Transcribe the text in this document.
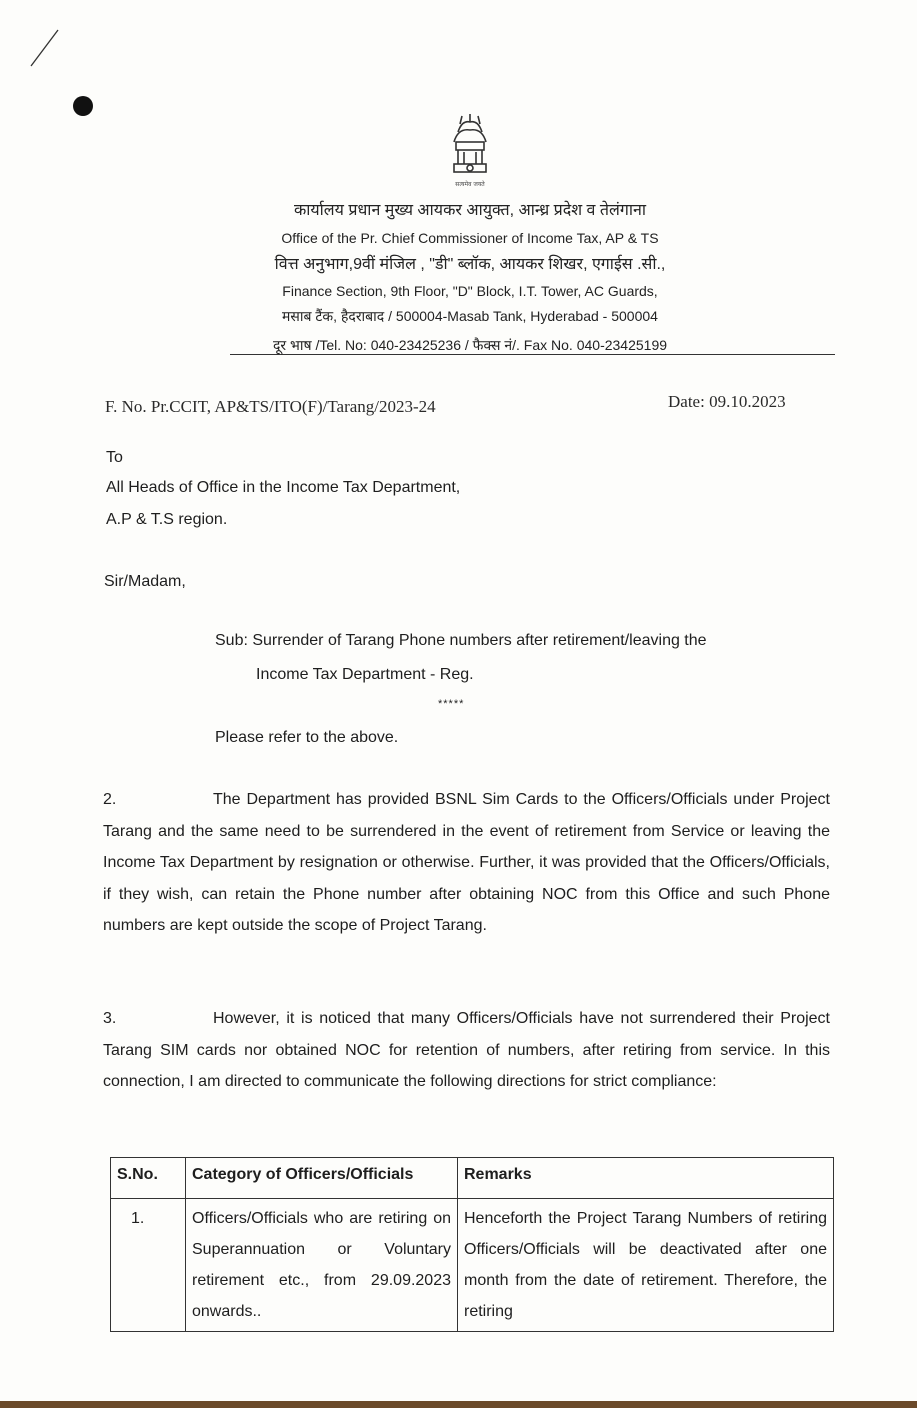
सत्यमेव जयते
कार्यालय प्रधान मुख्य आयकर आयुक्त, आन्ध्र प्रदेश व तेलंगाना
Office of the Pr. Chief Commissioner of Income Tax, AP & TS
वित्त अनुभाग,9वीं मंजिल , "डी" ब्लॉक, आयकर शिखर, एगाईस .सी.,
Finance Section, 9th Floor, "D" Block, I.T. Tower, AC Guards,
मसाब टैंक, हैदराबाद / 500004-Masab Tank, Hyderabad - 500004
दूर भाष /Tel. No: 040-23425236 / फैक्स नं/. Fax No. 040-23425199
F. No. Pr.CCIT, AP&TS/ITO(F)/Tarang/2023-24	Date: 09.10.2023
To
All Heads of Office in the Income Tax Department,
A.P & T.S region.
Sir/Madam,
Sub: Surrender of Tarang Phone numbers after retirement/leaving the
Income Tax Department - Reg.
*****
Please refer to the above.
2.	The Department has provided BSNL Sim Cards to the Officers/Officials under Project Tarang and the same need to be surrendered in the event of retirement from Service or leaving the Income Tax Department by resignation or otherwise. Further, it was provided that the Officers/Officials, if they wish, can retain the Phone number after obtaining NOC from this Office and such Phone numbers are kept outside the scope of Project Tarang.
3.	However, it is noticed that many Officers/Officials have not surrendered their Project Tarang SIM cards nor obtained NOC for retention of numbers, after retiring from service. In this connection, I am directed to communicate the following directions for strict compliance:
S.No.	Category of Officers/Officials	Remarks
1.	Officers/Officials who are retiring on Superannuation or Voluntary retirement etc., from 29.09.2023 onwards..	Henceforth the Project Tarang Numbers of retiring Officers/Officials will be deactivated after one month from the date of retirement. Therefore, the retiring
